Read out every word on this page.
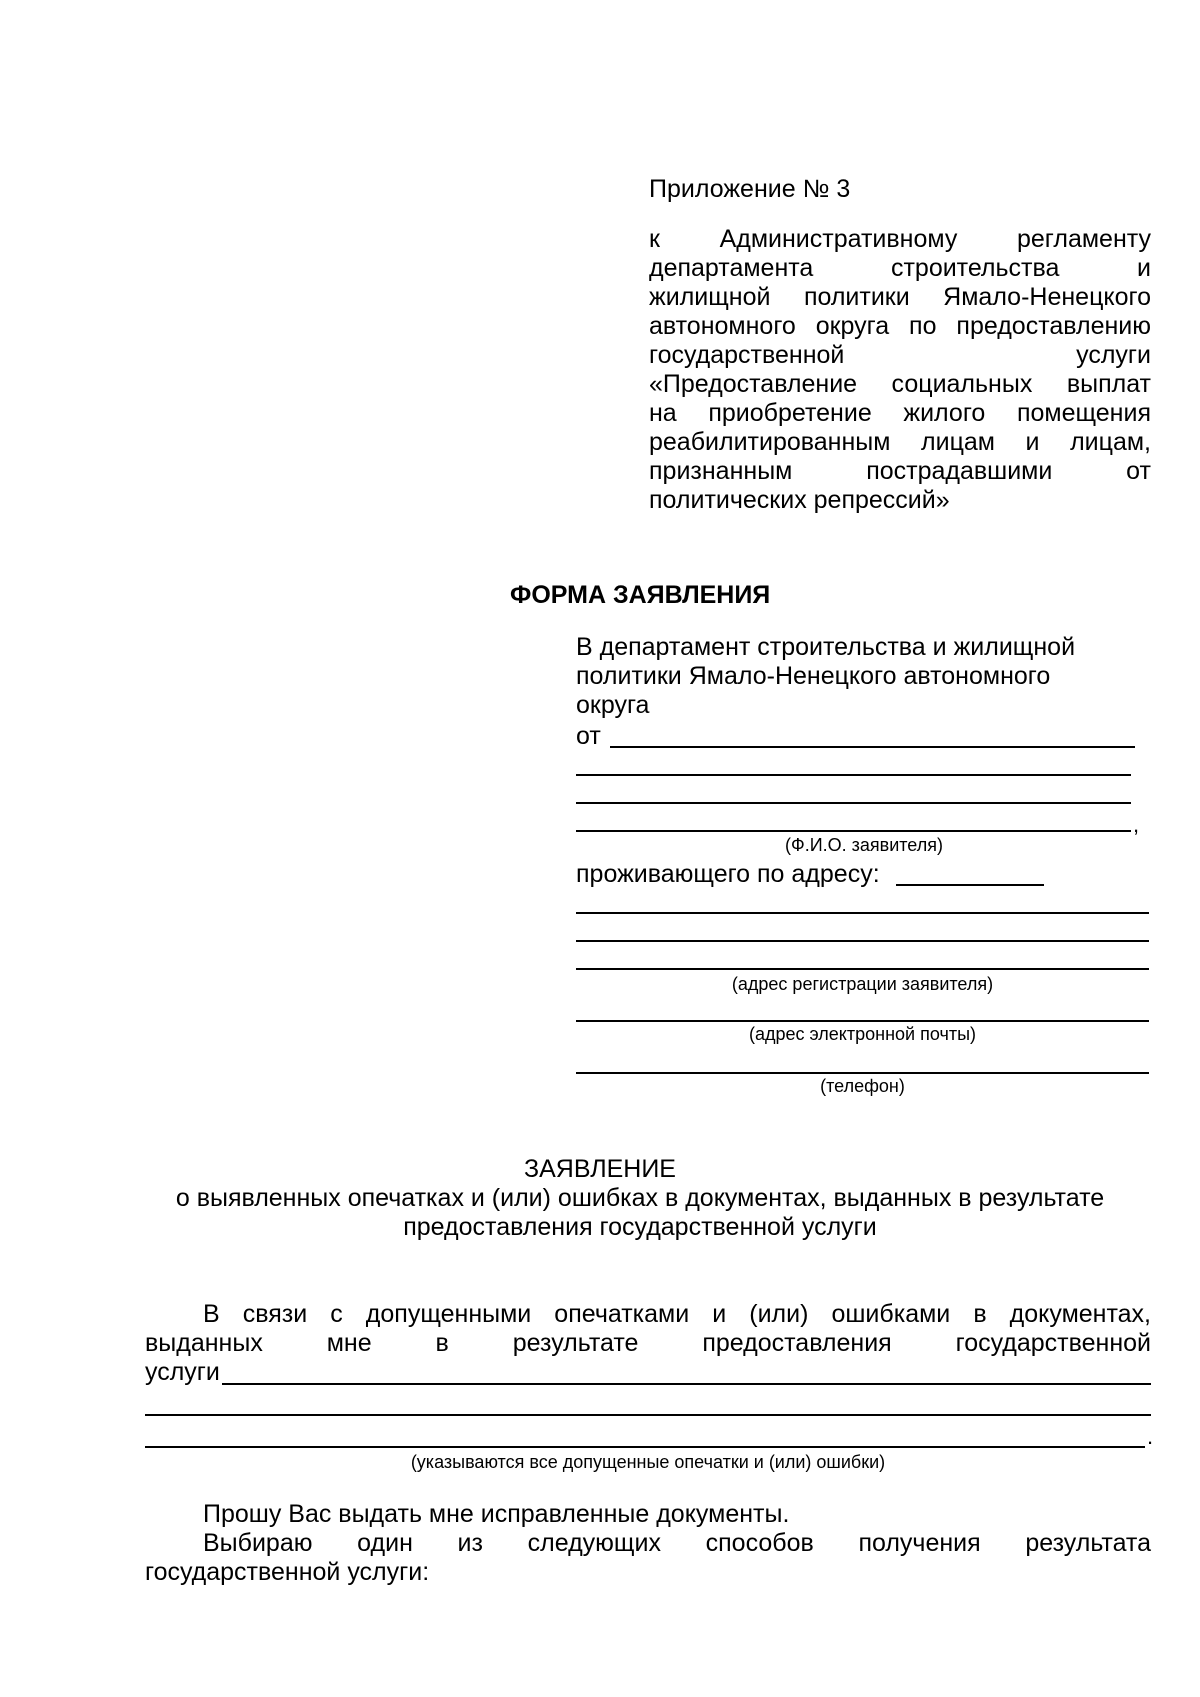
Приложение № 3
к Административному регламенту
департамента строительства и
жилищной политики Ямало-Ненецкого
автономного округа по предоставлению
государственной услуги
«Предоставление социальных выплат
на приобретение жилого помещения
реабилитированным лицам и лицам,
признанным пострадавшими от
политических репрессий»
ФОРМА ЗАЯВЛЕНИЯ
В департамент строительства и жилищной
политики Ямало-Ненецкого автономного
округа
от
,
(Ф.И.О. заявителя)
проживающего по адресу:
(адрес регистрации заявителя)
(адрес электронной почты)
(телефон)
ЗАЯВЛЕНИЕ
о выявленных опечатках и (или) ошибках в документах, выданных в результате предоставления государственной услуги
В связи с допущенными опечатками и (или) ошибками в документах,
выданных мне в результате предоставления государственной
услуги
.
(указываются все допущенные опечатки и (или) ошибки)
Прошу Вас выдать мне исправленные документы.
Выбираю один из следующих способов получения результата
государственной услуги:
